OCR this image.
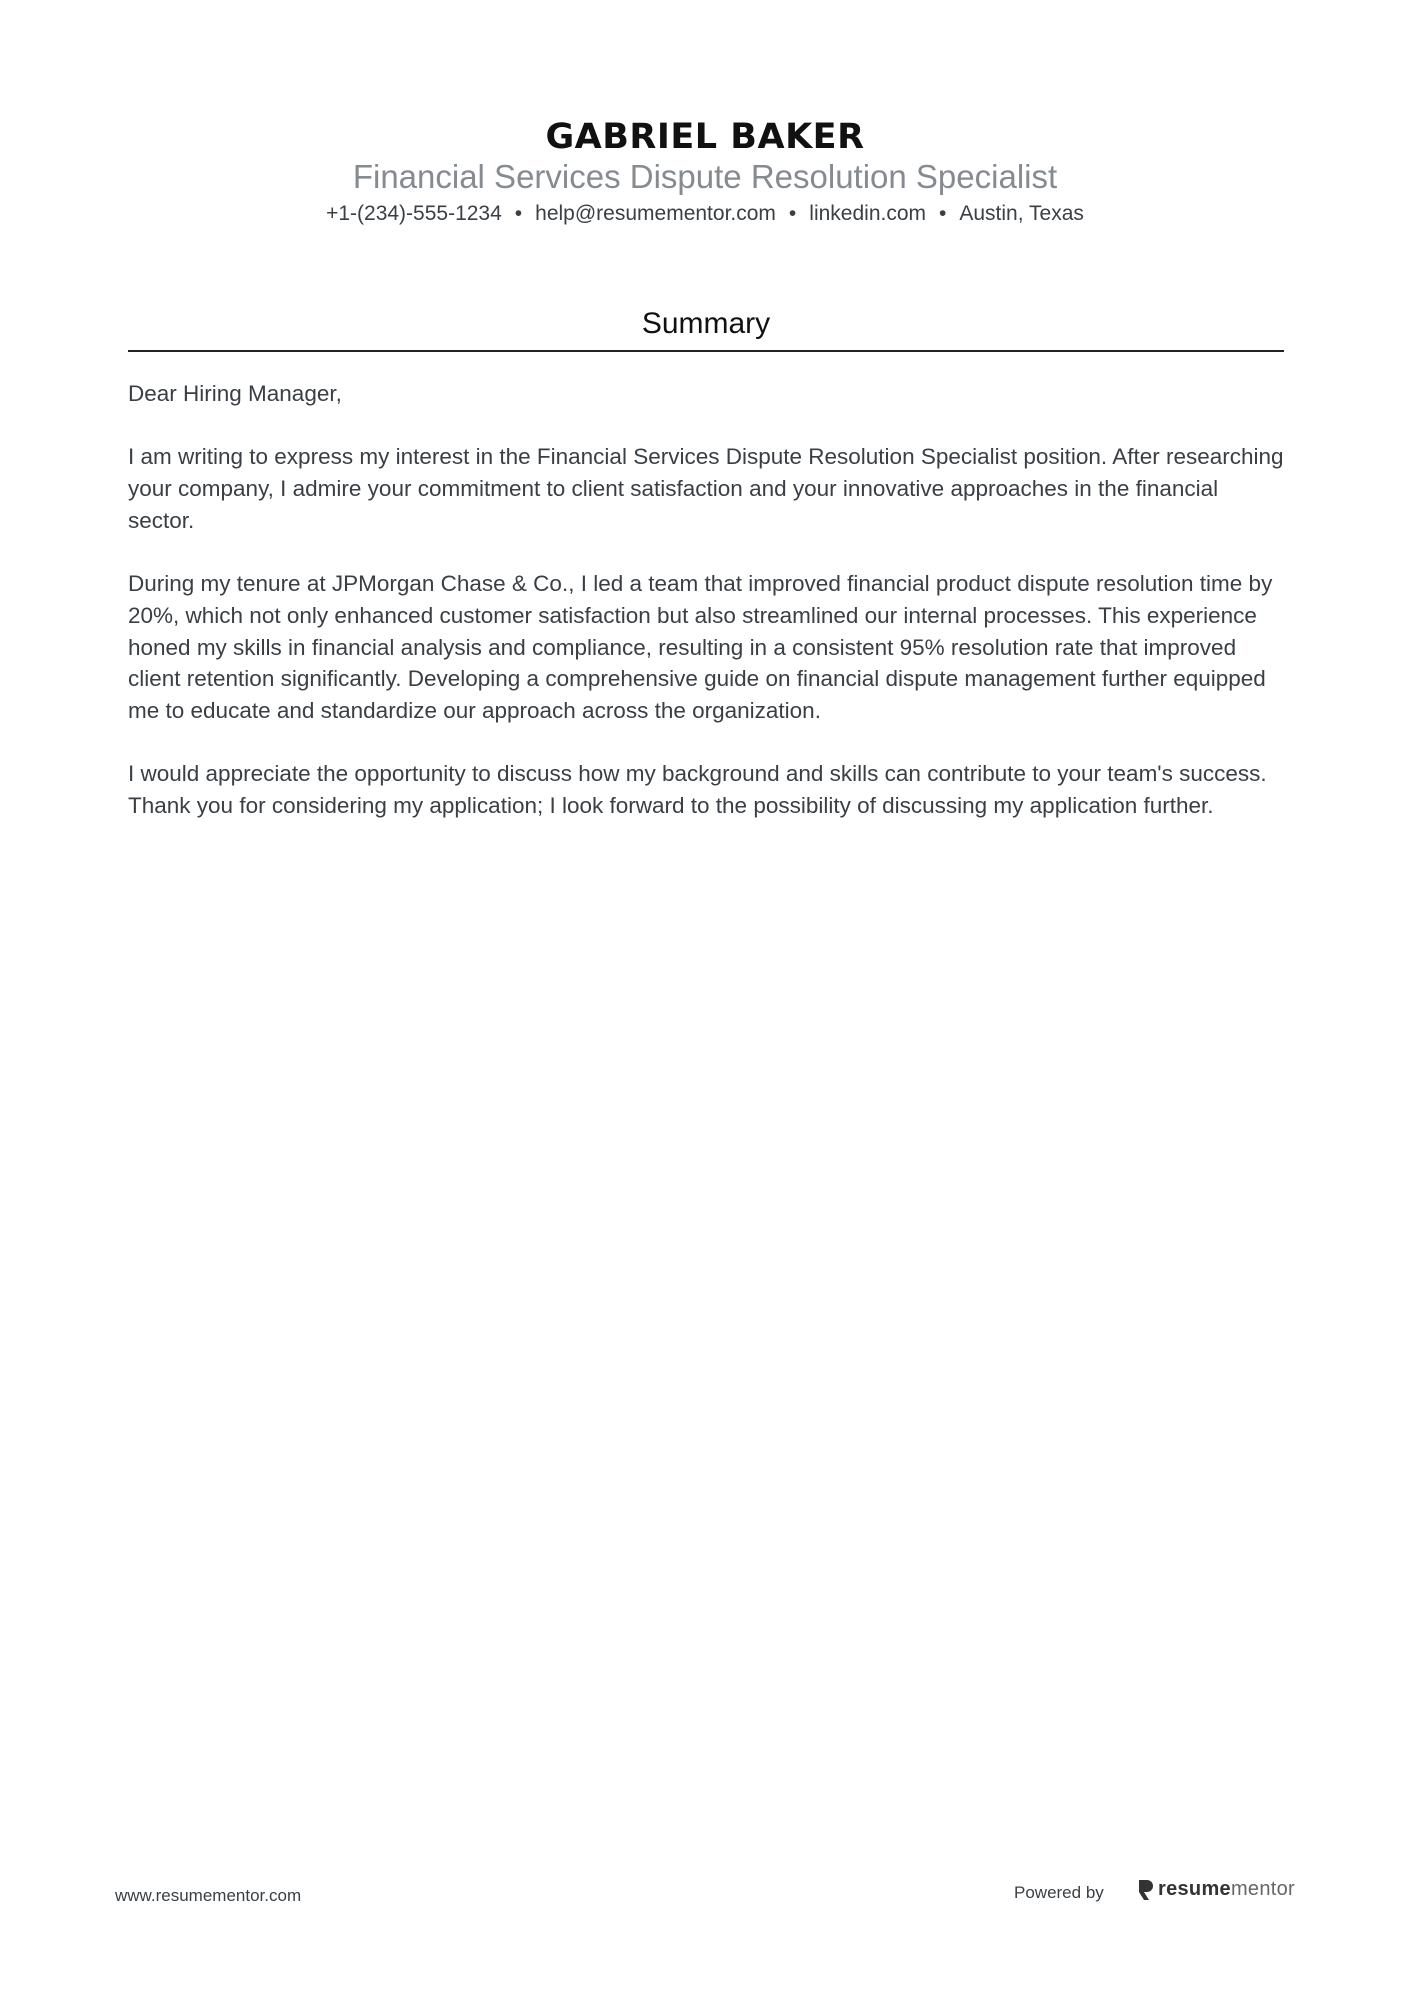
GABRIEL BAKER
Financial Services Dispute Resolution Specialist
+1-(234)-555-1234 • help@resumementor.com • linkedin.com • Austin, Texas
Summary

Dear Hiring Manager,

I am writing to express my interest in the Financial Services Dispute Resolution Specialist position. After researching your company, I admire your commitment to client satisfaction and your innovative approaches in the financial sector.

During my tenure at JPMorgan Chase & Co., I led a team that improved financial product dispute resolution time by 20%, which not only enhanced customer satisfaction but also streamlined our internal processes. This experience honed my skills in financial analysis and compliance, resulting in a consistent 95% resolution rate that improved client retention significantly. Developing a comprehensive guide on financial dispute management further equipped me to educate and standardize our approach across the organization.

I would appreciate the opportunity to discuss how my background and skills can contribute to your team's success. Thank you for considering my application; I look forward to the possibility of discussing my application further.

www.resumementor.com	Powered by	resumementor
